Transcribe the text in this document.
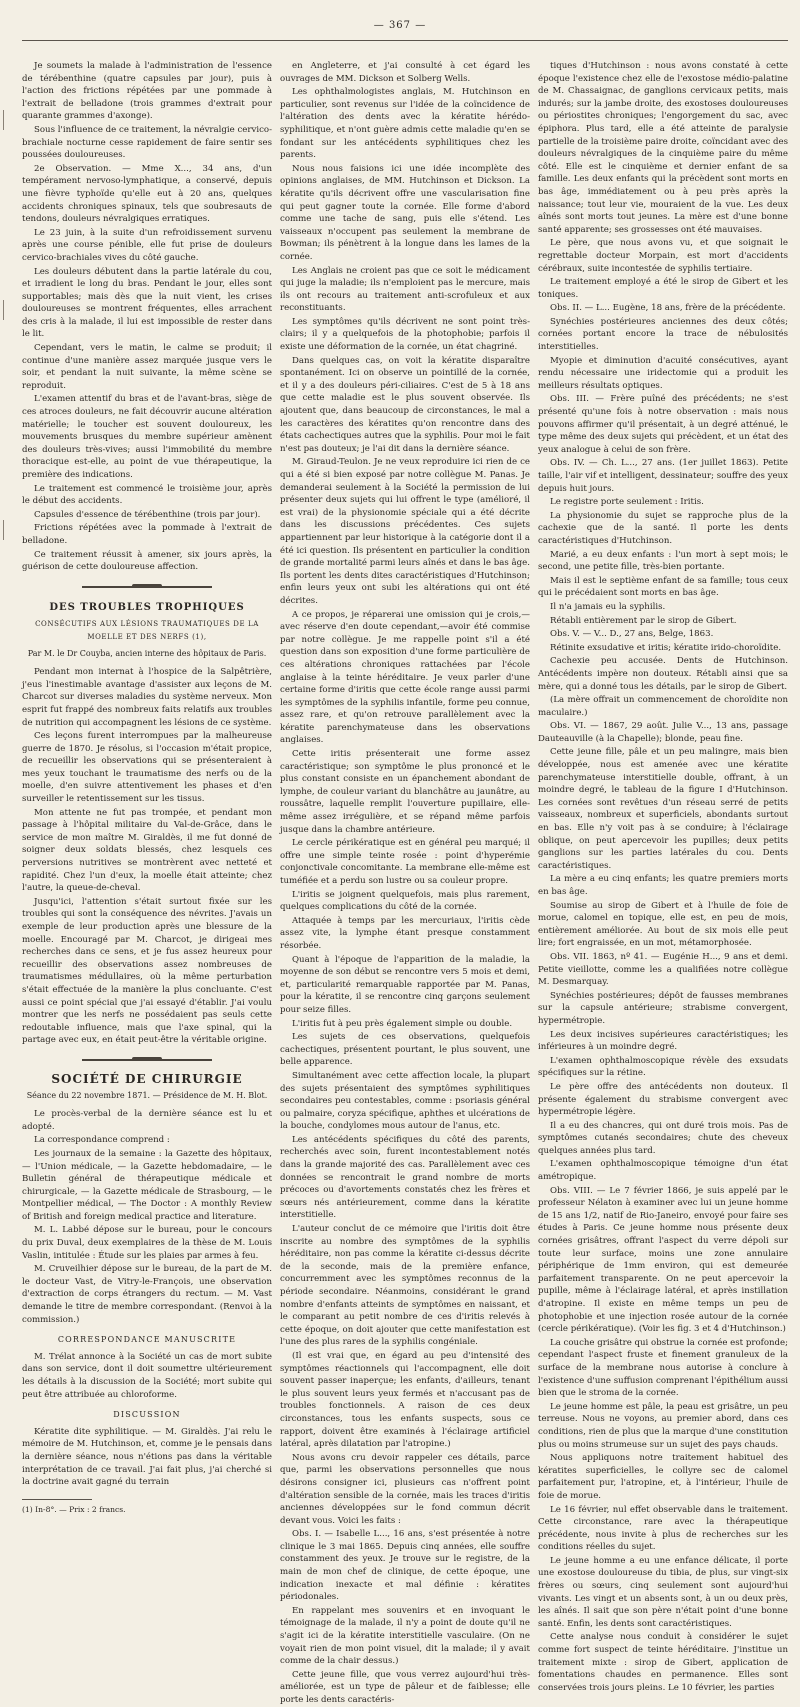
— 367 —

Je soumets la malade à l'administration de l'essence de térébenthine (quatre capsules par jour), puis à l'action des frictions répétées par une pommade à l'extrait de belladone (trois grammes d'extrait pour quarante grammes d'axonge).

Sous l'influence de ce traitement, la névralgie cervico-brachiale nocturne cesse rapidement de faire sentir ses poussées douloureuses.

2e Observation. — Mme X..., 34 ans, d'un tempérament nervoso-lymphatique, a conservé, depuis une fièvre typhoïde qu'elle eut à 20 ans, quelques accidents chroniques spinaux, tels que soubresauts de tendons, douleurs névralgiques erratiques.

Le 23 juin, à la suite d'un refroidissement survenu après une course pénible, elle fut prise de douleurs cervico-brachiales vives du côté gauche.

Les douleurs débutent dans la partie latérale du cou, et irradient le long du bras. Pendant le jour, elles sont supportables; mais dès que la nuit vient, les crises douloureuses se montrent fréquentes, elles arrachent des cris à la malade, il lui est impossible de rester dans le lit.

Cependant, vers le matin, le calme se produit; il continue d'une manière assez marquée jusque vers le soir, et pendant la nuit suivante, la même scène se reproduit.

L'examen attentif du bras et de l'avant-bras, siège de ces atroces douleurs, ne fait découvrir aucune altération matérielle; le toucher est souvent douloureux, les mouvements brusques du membre supérieur amènent des douleurs très-vives; aussi l'immobilité du membre thoracique est-elle, au point de vue thérapeutique, la première des indications.

Le traitement est commencé le troisième jour, après le début des accidents.

Capsules d'essence de térébenthine (trois par jour).

Frictions répétées avec la pommade à l'extrait de belladone.

Ce traitement réussit à amener, six jours après, la guérison de cette douloureuse affection.

DES TROUBLES TROPHIQUES
CONSÉCUTIFS AUX LÉSIONS TRAUMATIQUES DE LA MOELLE ET DES NERFS (1),
Par M. le Dr Couyba, ancien interne des hôpitaux de Paris.

Pendant mon internat à l'hospice de la Salpêtrière, j'eus l'inestimable avantage d'assister aux leçons de M. Charcot sur diverses maladies du système nerveux. Mon esprit fut frappé des nombreux faits relatifs aux troubles de nutrition qui accompagnent les lésions de ce système.

Ces leçons furent interrompues par la malheureuse guerre de 1870. Je résolus, si l'occasion m'était propice, de recueillir les observations qui se présenteraient à mes yeux touchant le traumatisme des nerfs ou de la moelle, d'en suivre attentivement les phases et d'en surveiller le retentissement sur les tissus.

Mon attente ne fut pas trompée, et pendant mon passage à l'hôpital militaire du Val-de-Grâce, dans le service de mon maître M. Giraldès, il me fut donné de soigner deux soldats blessés, chez lesquels ces perversions nutritives se montrèrent avec netteté et rapidité. Chez l'un d'eux, la moelle était atteinte; chez l'autre, la queue-de-cheval.

Jusqu'ici, l'attention s'était surtout fixée sur les troubles qui sont la conséquence des névrites. J'avais un exemple de leur production après une blessure de la moelle. Encouragé par M. Charcot, je dirigeai mes recherches dans ce sens, et je fus assez heureux pour recueillir des observations assez nombreuses de traumatismes médullaires, où la même perturbation s'était effectuée de la manière la plus concluante. C'est aussi ce point spécial que j'ai essayé d'établir. J'ai voulu montrer que les nerfs ne possédaient pas seuls cette redoutable influence, mais que l'axe spinal, qui la partage avec eux, en était peut-être la véritable origine.

SOCIÉTÉ DE CHIRURGIE
Séance du 22 novembre 1871. — Présidence de M. H. Blot.

Le procès-verbal de la dernière séance est lu et adopté.

La correspondance comprend :

Les journaux de la semaine : la Gazette des hôpitaux, — l'Union médicale, — la Gazette hebdomadaire, — le Bulletin général de thérapeutique médicale et chirurgicale, — la Gazette médicale de Strasbourg, — le Montpellier médical, — The Doctor : A monthly Review of British and foreign medical practice and literature.

M. L. Labbé dépose sur le bureau, pour le concours du prix Duval, deux exemplaires de la thèse de M. Louis Vaslin, intitulée : Étude sur les plaies par armes à feu.

M. Cruveilhier dépose sur le bureau, de la part de M. le docteur Vast, de Vitry-le-François, une observation d'extraction de corps étrangers du rectum. — M. Vast demande le titre de membre correspondant. (Renvoi à la commission.)

CORRESPONDANCE MANUSCRITE

M. Trélat annonce à la Société un cas de mort subite dans son service, dont il doit soumettre ultérieurement les détails à la discussion de la Société; mort subite qui peut être attribuée au chloroforme.

DISCUSSION

Kératite dite syphilitique. — M. Giraldès. J'ai relu le mémoire de M. Hutchinson, et, comme je le pensais dans la dernière séance, nous n'étions pas dans la véritable interprétation de ce travail. J'ai fait plus, j'ai cherché si la doctrine avait gagné du terrain

(1) In-8°. — Prix : 2 francs.

en Angleterre, et j'ai consulté à cet égard les ouvrages de MM. Dickson et Solberg Wells.

Les ophthalmologistes anglais, M. Hutchinson en particulier, sont revenus sur l'idée de la coïncidence de l'altération des dents avec la kératite hérédo-syphilitique, et n'ont guère admis cette maladie qu'en se fondant sur les antécédents syphilitiques chez les parents.

Nous nous faisions ici une idée incomplète des opinions anglaises, de MM. Hutchinson et Dickson. La kératite qu'ils décrivent offre une vascularisation fine qui peut gagner toute la cornée. Elle forme d'abord comme une tache de sang, puis elle s'étend. Les vaisseaux n'occupent pas seulement la membrane de Bowman; ils pénètrent à la longue dans les lames de la cornée.

Les Anglais ne croient pas que ce soit le médicament qui juge la maladie; ils n'emploient pas le mercure, mais ils ont recours au traitement anti-scrofuleux et aux reconstituants.

Les symptômes qu'ils décrivent ne sont point très-clairs; il y a quelquefois de la photophobie; parfois il existe une déformation de la cornée, un état chagriné.

Dans quelques cas, on voit la kératite disparaître spontanément. Ici on observe un pointillé de la cornée, et il y a des douleurs péri-ciliaires. C'est de 5 à 18 ans que cette maladie est le plus souvent observée. Ils ajoutent que, dans beaucoup de circonstances, le mal a les caractères des kératites qu'on rencontre dans des états cachectiques autres que la syphilis. Pour moi le fait n'est pas douteux; je l'ai dit dans la dernière séance.

M. Giraud-Teulon. Je ne veux reproduire ici rien de ce qui a été si bien exposé par notre collègue M. Panas. Je demanderai seulement à la Société la permission de lui présenter deux sujets qui lui offrent le type (amélioré, il est vrai) de la physionomie spéciale qui a été décrite dans les discussions précédentes. Ces sujets appartiennent par leur historique à la catégorie dont il a été ici question. Ils présentent en particulier la condition de grande mortalité parmi leurs aînés et dans le bas âge. Ils portent les dents dites caractéristiques d'Hutchinson; enfin leurs yeux ont subi les altérations qui ont été décrites.

A ce propos, je réparerai une omission qui je crois,—avec réserve d'en doute cependant,—avoir été commise par notre collègue. Je me rappelle point s'il a été question dans son exposition d'une forme particulière de ces altérations chroniques rattachées par l'école anglaise à la teinte héréditaire. Je veux parler d'une certaine forme d'iritis que cette école range aussi parmi les symptômes de la syphilis infantile, forme peu connue, assez rare, et qu'on retrouve parallèlement avec la kératite parenchymateuse dans les observations anglaises.

Cette iritis présenterait une forme assez caractéristique; son symptôme le plus prononcé et le plus constant consiste en un épanchement abondant de lymphe, de couleur variant du blanchâtre au jaunâtre, au roussâtre, laquelle remplit l'ouverture pupillaire, elle-même assez irrégulière, et se répand même parfois jusque dans la chambre antérieure.

Le cercle périkératique est en général peu marqué; il offre une simple teinte rosée : point d'hyperémie conjonctivale concomitante. La membrane elle-même est tuméfiée et a perdu son lustre ou sa couleur propre.

L'iritis se joignent quelquefois, mais plus rarement, quelques complications du côté de la cornée.

Attaquée à temps par les mercuriaux, l'iritis cède assez vite, la lymphe étant presque constamment résorbée.

Quant à l'époque de l'apparition de la maladie, la moyenne de son début se rencontre vers 5 mois et demi, et, particularité remarquable rapportée par M. Panas, pour la kératite, il se rencontre cinq garçons seulement pour seize filles.

L'iritis fut à peu près également simple ou double.

Les sujets de ces observations, quelquefois cachectiques, présentent pourtant, le plus souvent, une belle apparence.

Simultanément avec cette affection locale, la plupart des sujets présentaient des symptômes syphilitiques secondaires peu contestables, comme : psoriasis général ou palmaire, coryza spécifique, aphthes et ulcérations de la bouche, condylomes mous autour de l'anus, etc.

Les antécédents spécifiques du côté des parents, recherchés avec soin, furent incontestablement notés dans la grande majorité des cas. Parallèlement avec ces données se rencontrait le grand nombre de morts précoces ou d'avortements constatés chez les frères et sœurs nés antérieurement, comme dans la kératite interstitielle.

L'auteur conclut de ce mémoire que l'iritis doit être inscrite au nombre des symptômes de la syphilis héréditaire, non pas comme la kératite ci-dessus décrite de la seconde, mais de la première enfance, concurremment avec les symptômes reconnus de la période secondaire. Néanmoins, considérant le grand nombre d'enfants atteints de symptômes en naissant, et le comparant au petit nombre de ces d'iritis relevés à cette époque, on doit ajouter que cette manifestation est l'une des plus rares de la syphilis congéniale.

(Il est vrai que, en égard au peu d'intensité des symptômes réactionnels qui l'accompagnent, elle doit souvent passer inaperçue; les enfants, d'ailleurs, tenant le plus souvent leurs yeux fermés et n'accusant pas de troubles fonctionnels. A raison de ces deux circonstances, tous les enfants suspects, sous ce rapport, doivent être examinés à l'éclairage artificiel latéral, après dilatation par l'atropine.)

Nous avons cru devoir rappeler ces détails, parce que, parmi les observations personnelles que nous désirons consigner ici, plusieurs cas n'offrent point d'altération sensible de la cornée, mais les traces d'iritis anciennes développées sur le fond commun décrit devant vous. Voici les faits :

Obs. I. — Isabelle L..., 16 ans, s'est présentée à notre clinique le 3 mai 1865. Depuis cinq années, elle souffre constamment des yeux. Je trouve sur le registre, de la main de mon chef de clinique, de cette époque, une indication inexacte et mal définie : kératites périodonales.

En rappelant mes souvenirs et en invoquant le témoignage de la malade, il n'y a point de doute qu'il ne s'agit ici de la kératite interstitielle vasculaire. (On ne voyait rien de mon point visuel, dit la malade; il y avait comme de la chair dessus.)

Cette jeune fille, que vous verrez aujourd'hui très-améliorée, est un type de pâleur et de faiblesse; elle porte les dents caractéris-

tiques d'Hutchinson : nous avons constaté à cette époque l'existence chez elle de l'exostose médio-palatine de M. Chassaignac, de ganglions cervicaux petits, mais indurés; sur la jambe droite, des exostoses douloureuses ou périostites chroniques; l'engorgement du sac, avec épiphora. Plus tard, elle a été atteinte de paralysie partielle de la troisième paire droite, coïncidant avec des douleurs névralgiques de la cinquième paire du même côté. Elle est le cinquième et dernier enfant de sa famille. Les deux enfants qui la précèdent sont morts en bas âge, immédiatement ou à peu près après la naissance; tout leur vie, mouraient de la vue. Les deux aînés sont morts tout jeunes. La mère est d'une bonne santé apparente; ses grossesses ont été mauvaises.

Le père, que nous avons vu, et que soignait le regrettable docteur Morpain, est mort d'accidents cérébraux, suite incontestée de syphilis tertiaire.

Le traitement employé a été le sirop de Gibert et les toniques.

Obs. II. — L... Eugène, 18 ans, frère de la précédente.

Synéchies postérieures anciennes des deux côtés; cornées portant encore la trace de nébulosités interstitielles.

Myopie et diminution d'acuité consécutives, ayant rendu nécessaire une iridectomie qui a produit les meilleurs résultats optiques.

Obs. III. — Frère puîné des précédents; ne s'est présenté qu'une fois à notre observation : mais nous pouvons affirmer qu'il présentait, à un degré atténué, le type même des deux sujets qui précèdent, et un état des yeux analogue à celui de son frère.

Obs. IV. — Ch. L..., 27 ans. (1er juillet 1863). Petite taille, l'air vif et intelligent, dessinateur; souffre des yeux depuis huit jours.

Le registre porte seulement : Iritis.

La physionomie du sujet se rapproche plus de la cachexie que de la santé. Il porte les dents caractéristiques d'Hutchinson.

Marié, a eu deux enfants : l'un mort à sept mois; le second, une petite fille, très-bien portante.

Mais il est le septième enfant de sa famille; tous ceux qui le précédaient sont morts en bas âge.

Il n'a jamais eu la syphilis.

Rétabli entièrement par le sirop de Gibert.

Obs. V. — V... D., 27 ans, Belge, 1863.

Rétinite exsudative et iritis; kératite irido-choroïdite.

Cachexie peu accusée. Dents de Hutchinson. Antécédents impère non douteux. Rétabli ainsi que sa mère, qui a donné tous les détails, par le sirop de Gibert.

(La mère offrait un commencement de choroïdite non maculaire.)

Obs. VI. — 1867, 29 août. Julie V..., 13 ans, passage Dauteauville (à la Chapelle); blonde, peau fine.

Cette jeune fille, pâle et un peu malingre, mais bien développée, nous est amenée avec une kératite parenchymateuse interstitielle double, offrant, à un moindre degré, le tableau de la figure I d'Hutchinson. Les cornées sont revêtues d'un réseau serré de petits vaisseaux, nombreux et superficiels, abondants surtout en bas. Elle n'y voit pas à se conduire; à l'éclairage oblique, on peut apercevoir les pupilles; deux petits ganglions sur les parties latérales du cou. Dents caractéristiques.

La mère a eu cinq enfants; les quatre premiers morts en bas âge.

Soumise au sirop de Gibert et à l'huile de foie de morue, calomel en topique, elle est, en peu de mois, entièrement améliorée. Au bout de six mois elle peut lire; fort engraissée, en un mot, métamorphosée.

Obs. VII. 1863, nº 41. — Eugénie H..., 9 ans et demi. Petite vieillotte, comme les a qualifiées notre collègue M. Desmarquay.

Synéchies postérieures; dépôt de fausses membranes sur la capsule antérieure; strabisme convergent, hypermétropie.

Les deux incisives supérieures caractéristiques; les inférieures à un moindre degré.

L'examen ophthalmoscopique révèle des exsudats spécifiques sur la rétine.

Le père offre des antécédents non douteux. Il présente également du strabisme convergent avec hypermétropie légère.

Il a eu des chancres, qui ont duré trois mois. Pas de symptômes cutanés secondaires; chute des cheveux quelques années plus tard.

L'examen ophthalmoscopique témoigne d'un état amétropique.

Obs. VIII. — Le 7 février 1866, je suis appelé par le professeur Nélaton à examiner avec lui un jeune homme de 15 ans 1/2, natif de Rio-Janeiro, envoyé pour faire ses études à Paris. Ce jeune homme nous présente deux cornées grisâtres, offrant l'aspect du verre dépoli sur toute leur surface, moins une zone annulaire périphérique de 1mm environ, qui est demeurée parfaitement transparente. On ne peut apercevoir la pupille, même à l'éclairage latéral, et après instillation d'atropine. Il existe en même temps un peu de photophobie et une injection rosée autour de la cornée (cercle périkératique). (Voir les fig. 3 et 4 d'Hutchinson.)

La couche grisâtre qui obstrue la cornée est profonde; cependant l'aspect fruste et finement granuleux de la surface de la membrane nous autorise à conclure à l'existence d'une suffusion comprenant l'épithélium aussi bien que le stroma de la cornée.

Le jeune homme est pâle, la peau est grisâtre, un peu terreuse. Nous ne voyons, au premier abord, dans ces conditions, rien de plus que la marque d'une constitution plus ou moins strumeuse sur un sujet des pays chauds.

Nous appliquons notre traitement habituel des kératites superficielles, le collyre sec de calomel parfaitement pur, l'atropine, et, à l'intérieur, l'huile de foie de morue.

Le 16 février, nul effet observable dans le traitement. Cette circonstance, rare avec la thérapeutique précédente, nous invite à plus de recherches sur les conditions réelles du sujet.

Le jeune homme a eu une enfance délicate, il porte une exostose douloureuse du tibia, de plus, sur vingt-six frères ou sœurs, cinq seulement sont aujourd'hui vivants. Les vingt et un absents sont, à un ou deux près, les aînés. Il sait que son père n'était point d'une bonne santé. Enfin, les dents sont caractéristiques.

Cette analyse nous conduit à considérer le sujet comme fort suspect de teinte héréditaire. J'institue un traitement mixte : sirop de Gibert, application de fomentations chaudes en permanence. Elles sont conservées trois jours pleins. Le 10 février, les parties
